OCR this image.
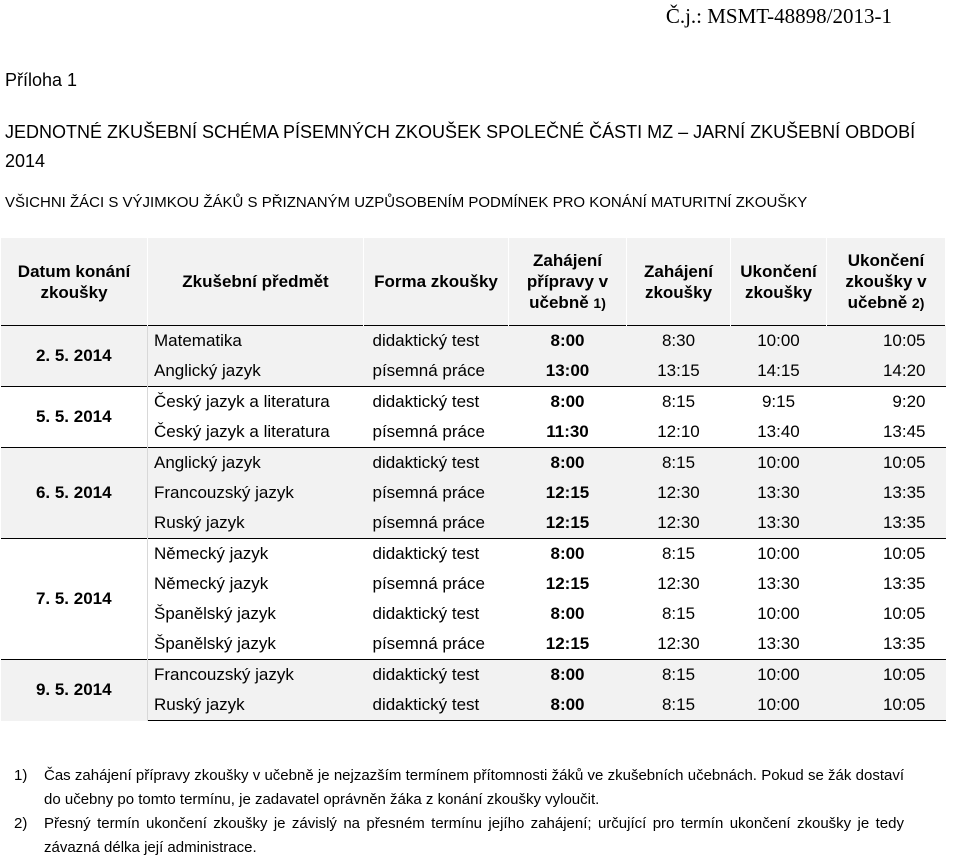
Č.j.: MSMT-48898/2013-1
Příloha 1
JEDNOTNÉ ZKUŠEBNÍ SCHÉMA PÍSEMNÝCH ZKOUŠEK SPOLEČNÉ ČÁSTI MZ – JARNÍ ZKUŠEBNÍ OBDOBÍ 2014
VŠICHNI ŽÁCI S VÝJIMKOU ŽÁKŮ S PŘIZNANÝM UZPŮSOBENÍM PODMÍNEK PRO KONÁNÍ MATURITNÍ ZKOUŠKY
Datum konání zkoušky	Zkušební předmět	Forma zkoušky	Zahájení přípravy v učebně 1)	Zahájení zkoušky	Ukončení zkoušky	Ukončení zkoušky v učebně 2)
2. 5. 2014	Matematika	didaktický test	8:00	8:30	10:00	10:05
	Anglický jazyk	písemná práce	13:00	13:15	14:15	14:20
5. 5. 2014	Český jazyk a literatura	didaktický test	8:00	8:15	9:15	9:20
	Český jazyk a literatura	písemná práce	11:30	12:10	13:40	13:45
6. 5. 2014	Anglický jazyk	didaktický test	8:00	8:15	10:00	10:05
	Francouzský jazyk	písemná práce	12:15	12:30	13:30	13:35
	Ruský jazyk	písemná práce	12:15	12:30	13:30	13:35
7. 5. 2014	Německý jazyk	didaktický test	8:00	8:15	10:00	10:05
	Německý jazyk	písemná práce	12:15	12:30	13:30	13:35
	Španělský jazyk	didaktický test	8:00	8:15	10:00	10:05
	Španělský jazyk	písemná práce	12:15	12:30	13:30	13:35
9. 5. 2014	Francouzský jazyk	didaktický test	8:00	8:15	10:00	10:05
	Ruský jazyk	didaktický test	8:00	8:15	10:00	10:05
1)	Čas zahájení přípravy zkoušky v učebně je nejzazším termínem přítomnosti žáků ve zkušebních učebnách. Pokud se žák dostaví do učebny po tomto termínu, je zadavatel oprávněn žáka z konání zkoušky vyloučit.
2)	Přesný termín ukončení zkoušky je závislý na přesném termínu jejího zahájení; určující pro termín ukončení zkoušky je tedy závazná délka její administrace.
